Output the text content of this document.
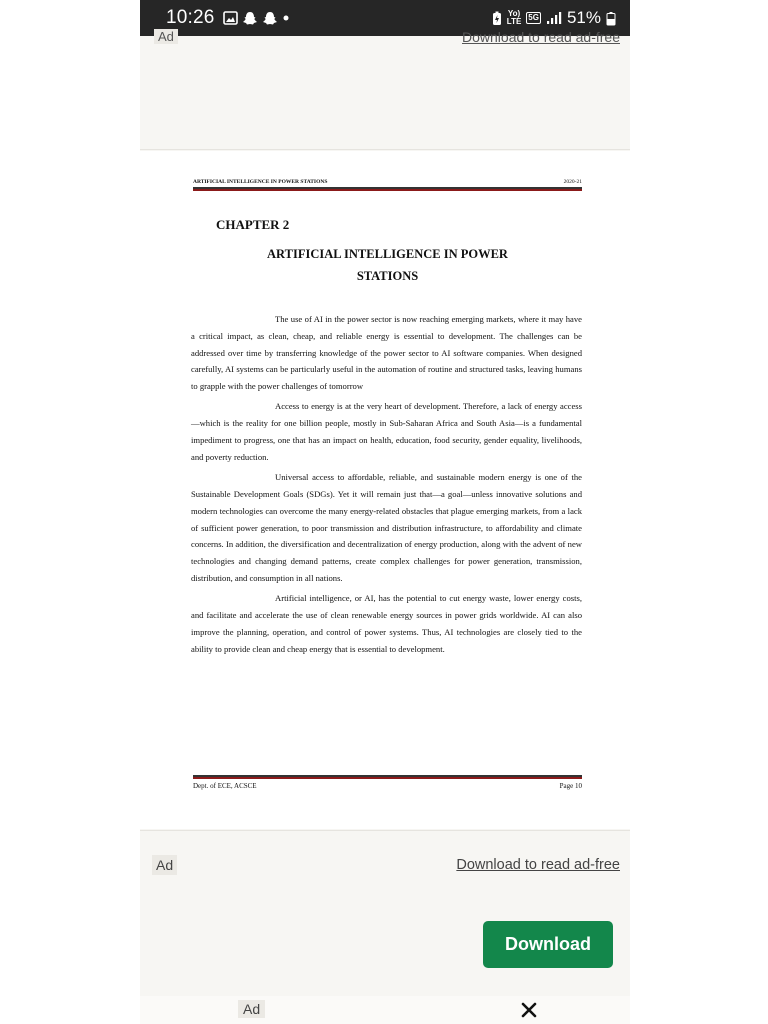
10:26	Yo)
LTE 5G 51%
Ad	Download to read ad-free
ARTIFICIAL INTELLIGENCE IN POWER STATIONS	2020-21
CHAPTER 2
ARTIFICIAL INTELLIGENCE IN POWER
STATIONS

The use of AI in the power sector is now reaching emerging markets, where it may have a critical impact, as clean, cheap, and reliable energy is essential to development. The challenges can be addressed over time by transferring knowledge of the power sector to AI software companies. When designed carefully, AI systems can be particularly useful in the automation of routine and structured tasks, leaving humans to grapple with the power challenges of tomorrow

Access to energy is at the very heart of development. Therefore, a lack of energy access—which is the reality for one billion people, mostly in Sub-Saharan Africa and South Asia—is a fundamental impediment to progress, one that has an impact on health, education, food security, gender equality, livelihoods, and poverty reduction.

Universal access to affordable, reliable, and sustainable modern energy is one of the Sustainable Development Goals (SDGs). Yet it will remain just that—a goal—unless innovative solutions and modern technologies can overcome the many energy-related obstacles that plague emerging markets, from a lack of sufficient power generation, to poor transmission and distribution infrastructure, to affordability and climate concerns. In addition, the diversification and decentralization of energy production, along with the advent of new technologies and changing demand patterns, create complex challenges for power generation, transmission, distribution, and consumption in all nations.

Artificial intelligence, or AI, has the potential to cut energy waste, lower energy costs, and facilitate and accelerate the use of clean renewable energy sources in power grids worldwide. AI can also improve the planning, operation, and control of power systems. Thus, AI technologies are closely tied to the ability to provide clean and cheap energy that is essential to development.

Dept. of ECE, ACSCE	Page 10
Ad	Download to read ad-free
Download
Ad
